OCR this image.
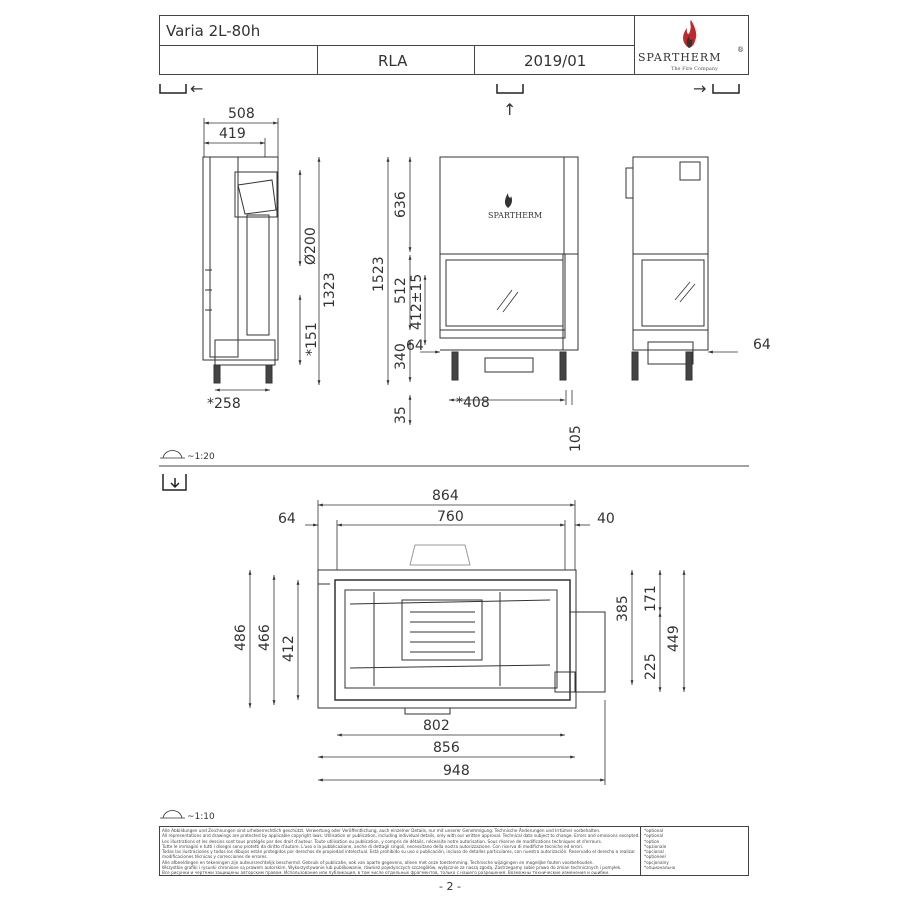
Varia 2L-80h
RLA	2019/01	SPARTHERM
®
The Fire Company
←
↑
→
508
419
Ø200
1323
*151
*258
SPARTHERM
636
1523 512 412±15
340
35
64
*408
105
64
~1:20
864
760
64	40
486 466 412
385 171
449
225
802
856
948
~1:10
Alle Abbildungen und Zeichnungen sind urheberrechtlich geschützt. Verwertung oder Veröffentlichung, auch einzelner Details, nur mit unserer Genehmigung. Technische Änderungen und Irrtümer vorbehalten.
All representations and drawings are protected by applicable copyright laws. Utilisation or publication, including individual details, only with our written approval. Technical data subject to change. Errors and omissions excepted.
Les illustrations et les dessins sont tous protégés par des droit d'auteur. Toute utilisation ou publication, y compris de détails, nécessite notre autorisation. Sous réserve de modifications techniques et d'erreurs.
Tutte le immagini e tutti i disegni sono protetti da diritto d'autore. L'uso o la pubblicazione, anche di dettagli singoli, necessitano della nostra autorizzazione. Con riserva di modifiche tecniche ed errori.
Todas las ilustraciones y todos los dibujos están protegidos por derechos de propiedad intelectual. Está prohibido su uso o publicación, incluso de detalles particulares, con nuestra autorización. Reservado el derecho a realizar modificaciones técnicas y correcciones de errores.
Alle afbeeldingen en tekeningen zijn auteursrechtelijk beschermd. Gebruik of publicatie, ook van aparte gegevens, alleen met onze toestemming. Technische wijzigingen en mogelijke fouten voorbehouden.
Wszystkie grafiki i rysunki chronione są prawem autorskim. Wykorzystywanie lub publikowanie, również pojedynczych szczegółów, wyłącznie za naszą zgodą. Zastrzegamy sobie prawo do zmian technicznych i pomyłek.
Все рисунки и чертежи защищены авторским правом. Использование или публикация, в том числе отдельных фрагментов, только с нашего разрешения. Возможны технические изменения и ошибки.
*optional
*optional
*option
*opzionale
*opcional
*optioneel
*opcjonalny
*опционально
- 2 -
